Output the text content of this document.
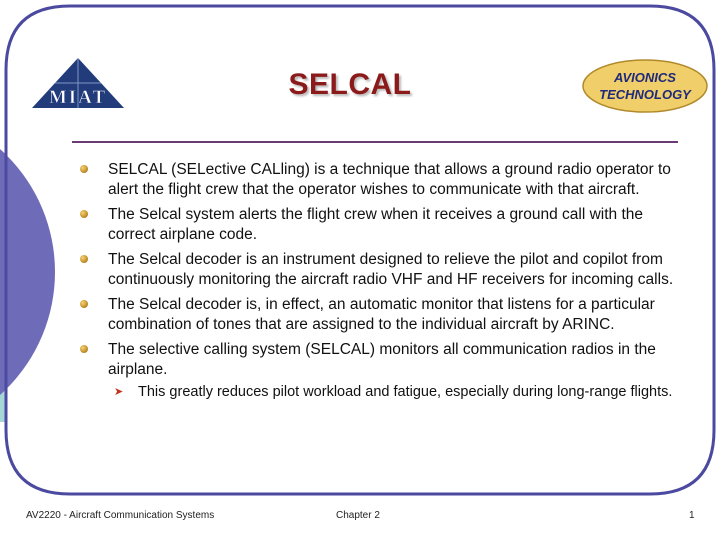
MIAT	SELCAL	AVIONICS
TECHNOLOGY
SELCAL (SELective CALling) is a technique that allows a ground radio operator to alert the flight crew that the operator wishes to communicate with that aircraft.
The Selcal system alerts the flight crew when it receives a ground call with the correct airplane code.
The Selcal decoder is an instrument designed to relieve the pilot and copilot from continuously monitoring the aircraft radio VHF and HF receivers for incoming calls.
The Selcal decoder is, in effect, an automatic monitor that listens for a particular combination of tones that are assigned to the individual aircraft by ARINC.
The selective calling system (SELCAL) monitors all communication radios in the airplane.
➤ This greatly reduces pilot workload and fatigue, especially during long-range flights.
AV2220 - Aircraft Communication Systems	Chapter 2	1
